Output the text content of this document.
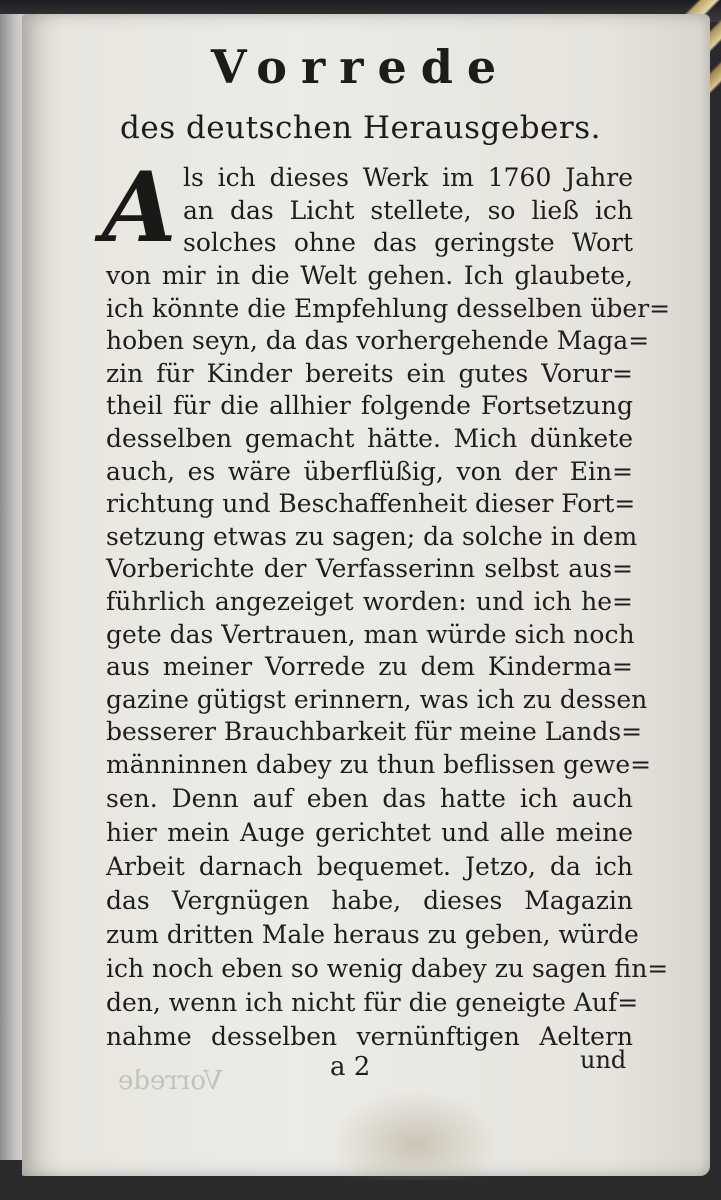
Vorrede
des deutschen Herausgebers.
A ls ich dieses Werk im 1760 Jahre
an das Licht stellete, so ließ ich
solches ohne das geringste Wort
von mir in die Welt gehen. Ich glaubete,
ich könnte die Empfehlung desselben über=
hoben seyn, da das vorhergehende Maga=
zin für Kinder bereits ein gutes Vorur=
theil für die allhier folgende Fortsetzung
desselben gemacht hätte. Mich dünkete
auch, es wäre überflüßig, von der Ein=
richtung und Beschaffenheit dieser Fort=
setzung etwas zu sagen; da solche in dem
Vorberichte der Verfasserinn selbst aus=
führlich angezeiget worden: und ich he=
gete das Vertrauen, man würde sich noch
aus meiner Vorrede zu dem Kinderma=
gazine gütigst erinnern, was ich zu dessen
besserer Brauchbarkeit für meine Lands=
männinnen dabey zu thun beflissen gewe=
sen. Denn auf eben das hatte ich auch
hier mein Auge gerichtet und alle meine
Arbeit darnach bequemet. Jetzo, da ich
das Vergnügen habe, dieses Magazin
zum dritten Male heraus zu geben, würde
ich noch eben so wenig dabey zu sagen fin=
den, wenn ich nicht für die geneigte Auf=
nahme desselben vernünftigen Aeltern
Vorrede	a 2	und
